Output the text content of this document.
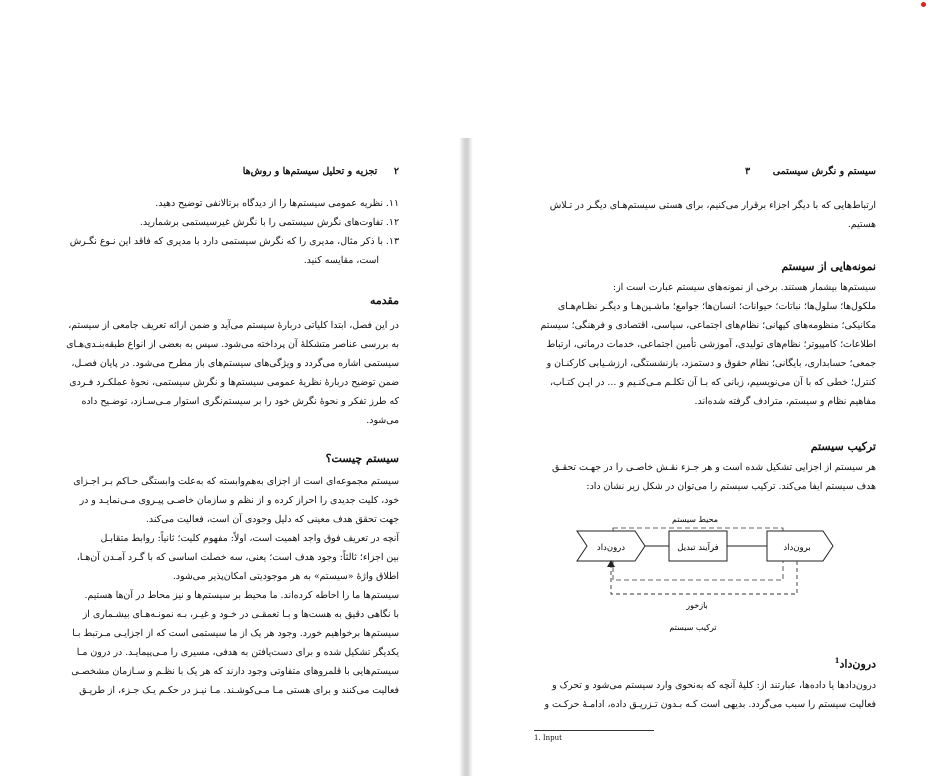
۲  تجزیه و تحلیل سیستم‌ها و روش‌ها
۱۱. نظریه عمومی سیستم‌ها را از دیدگاه برتالانفی توضیح دهید.
۱۲. تفاوت‌های نگرش سیستمی را با نگرش غیرسیستمی برشمارید.
۱۳. با ذکر مثال، مدیری را که نگرش سیستمی دارد با مدیری که فاقد این نـوع نگـرش
است، مقایسه کنید.
مقدمه
در این فصل، ابتدا کلیاتی دربارهٔ سیستم می‌آید و ضمن ارائه تعریف جامعی از سیستم،
به بررسی عناصر متشکلهٔ آن پرداخته می‌شود. سپس به بعضی از انواع طبقه‌بنـدی‌هـای
سیستمی اشاره می‌گردد و ویژگی‌های سیستم‌های باز مطرح می‌شود. در پایان فصـل،
ضمن توضیح دربارهٔ نظریهٔ عمومی سیستم‌ها و نگرش سیستمی، نحوهٔ عملکـرد فـردی
که طرز تفکر و نحوهٔ نگرش خود را بر سیستم‌نگری استوار مـی‌سـازد، توضـیح داده
می‌شود.
سیستم چیست؟
سیستم مجموعه‌ای است از اجزای به‌هم‌وابسته که به‌علت وابستگی حـاکم بـر اجـزای
خود، کلیت جدیدی را احراز کرده و از نظم و سازمان خاصـی پیـروی مـی‌نمایـد و در
جهت تحقق هدف معینی که دلیل وجودی آن است، فعالیت می‌کند.
آنچه در تعریف فوق واجد اهمیت است، اولاً: مفهوم کلیت؛ ثانیاً: روابط متقابـل
بین اجزاء؛ ثالثاً: وجود هدف است؛ یعنی، سه خصلت اساسی که با گـرد آمـدن آن‌هـا،
اطلاق واژهٔ «سیستم» به هر موجودیتی امکان‌پذیر می‌شود.
سیستم‌ها ما را احاطه کرده‌اند. ما محیط بر سیستم‌ها و نیز محاط در آن‌ها هستیم.
با نگاهی دقیق به هست‌ها و بـا تعمقـی در خـود و غیـر، بـه نمونـه‌هـای بیشـماری از
سیستم‌ها برخواهیم خورد. وجود هر یک از ما سیستمی است که از اجزایـی مـرتبط بـا
یکدیگر تشکیل شده و برای دست‌یافتن به هدفی، مسیری را مـی‌پیمایـد. در درون مـا
سیستم‌هایی با قلمروهای متفاوتی وجود دارند که هر یک با نظـم و سـازمان مشخصـی
فعالیت می‌کنند و برای هستی مـا مـی‌کوشـند. مـا نیـز در حکـم یـک جـزء، از طریـق
سیستم و نگرش سیستمی  ۳
ارتباط‌هایی که با دیگر اجزاء برقرار می‌کنیم، برای هستی سیستم‌هـای دیگـر در تـلاش
هستیم.
نمونه‌هایی از سیستم
سیستم‌ها بیشمار هستند. برخی از نمونه‌های سیستم عبارت است از:
ملکول‌ها؛ سلول‌ها؛ نباتات؛ حیوانات؛ انسان‌ها؛ جوامع؛ ماشـین‌هـا و دیگـر نظـام‌هـای
مکانیکی؛ منظومه‌های کیهانی؛ نظام‌های اجتماعی، سیاسی، اقتصادی و فرهنگی؛ سیستم
اطلاعات؛ کامپیوتر؛ نظام‌های تولیدی، آموزشی تأمین اجتماعی، خدمات درمانی، ارتباط
جمعی؛ حسابداری، بایگانی؛ نظام حقوق و دستمزد، بازنشستگی، ارزشـیابی کارکنـان و
کنترل؛ خطی که با آن می‌نویسیم، زبانی که بـا آن تکلـم مـی‌کنـیم و ... در ایـن کتـاب،
مفاهیم نظام و سیستم، مترادف گرفته شده‌اند.
ترکیب سیستم
هر سیستم از اجزایی تشکیل شده است و هر جـزء نقـش خاصـی را در جهـت تحقـق
هدف سیستم ایفا می‌کند. ترکیب سیستم را می‌توان در شکل زیر نشان داد:
محیط سیستم
درون‌داد	فرآیند تبدیل	برون‌داد
بازخور
ترکیب سیستم
درون‌داد$^1$
درون‌دادها یا داده‌ها، عبارتند از: کلیهٔ آنچه که به‌نحوی وارد سیستم می‌شود و تحرک و
فعالیت سیستم را سبب می‌گردد. بدیهی است کـه بـدون تـزریـق داده، ادامـهٔ حرکـت و
1. Input
